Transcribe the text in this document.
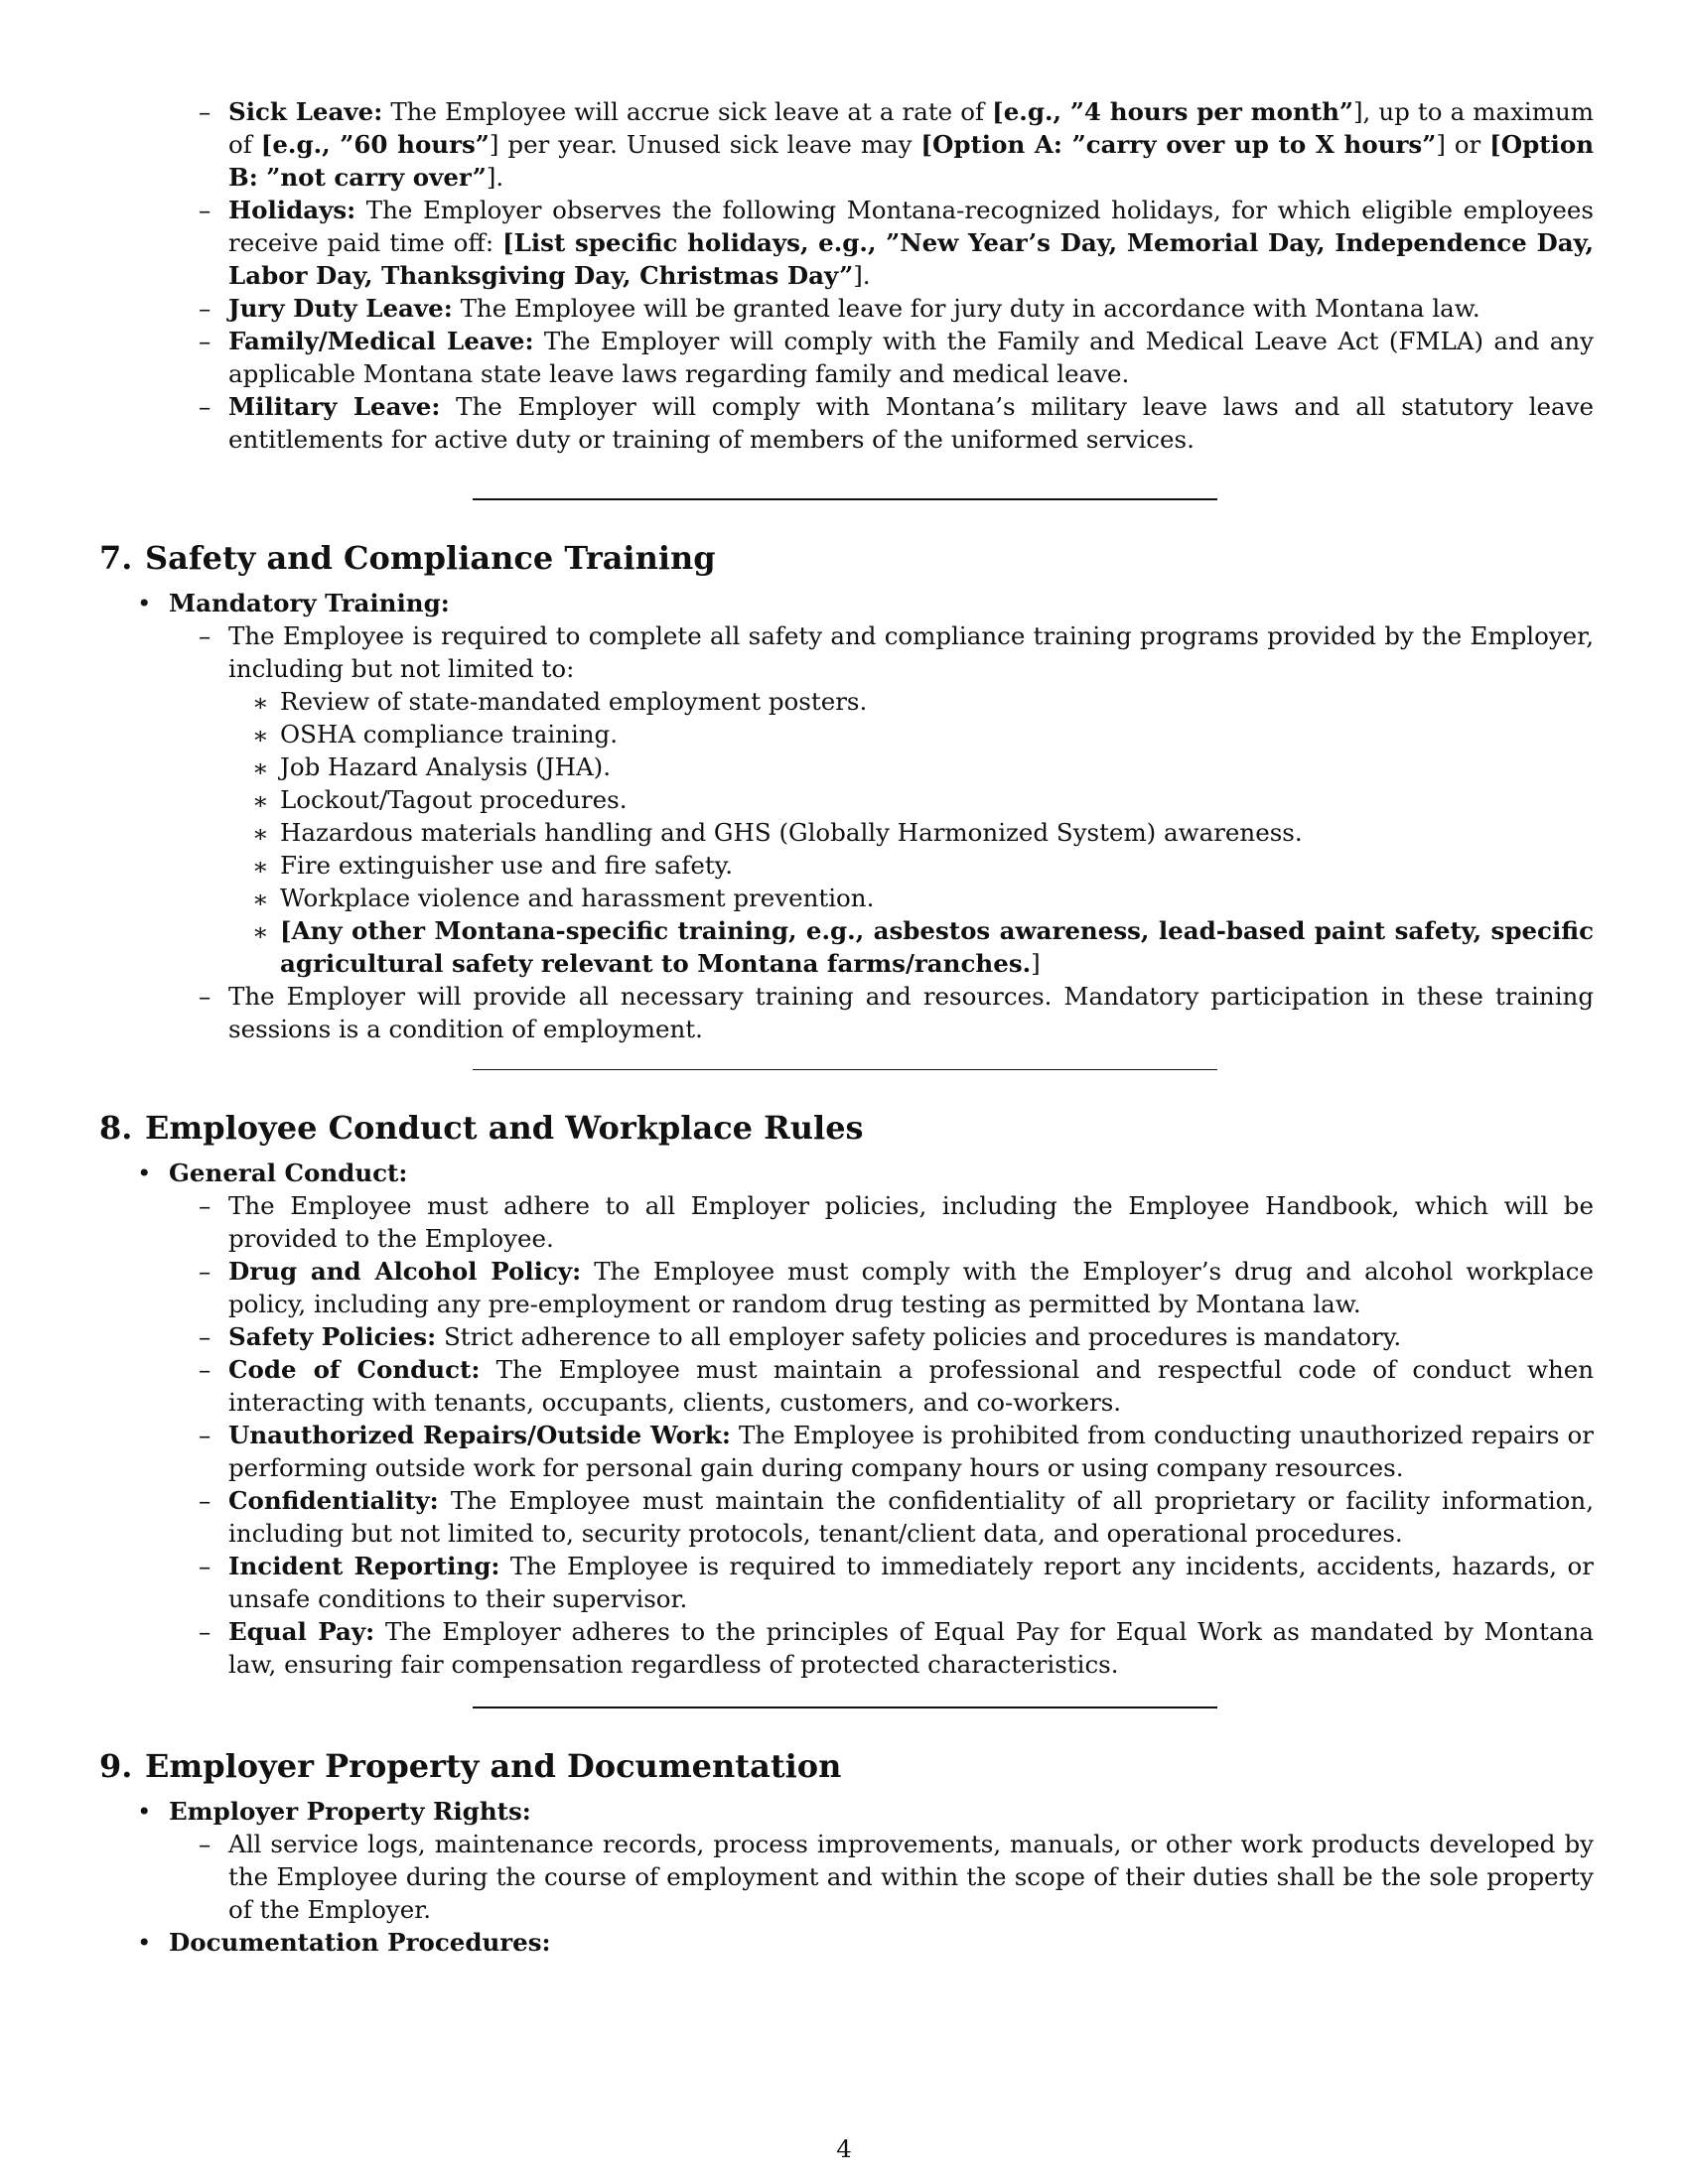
– Sick Leave: The Employee will accrue sick leave at a rate of [e.g., ”4 hours per month”], up to a maximum of [e.g., ”60 hours”] per year. Unused sick leave may [Option A: ”carry over up to X hours”] or [Option B: ”not carry over”].
– Holidays: The Employer observes the following Montana-recognized holidays, for which eligible employees receive paid time off: [List specific holidays, e.g., ”New Year’s Day, Memorial Day, Independence Day, Labor Day, Thanksgiving Day, Christmas Day”].
– Jury Duty Leave: The Employee will be granted leave for jury duty in accordance with Montana law.
– Family/Medical Leave: The Employer will comply with the Family and Medical Leave Act (FMLA) and any applicable Montana state leave laws regarding family and medical leave.
– Military Leave: The Employer will comply with Montana’s military leave laws and all statutory leave entitlements for active duty or training of members of the uniformed services.
7. Safety and Compliance Training
• Mandatory Training:
– The Employee is required to complete all safety and compliance training programs provided by the Employer, including but not limited to:
∗ Review of state-mandated employment posters.
∗ OSHA compliance training.
∗ Job Hazard Analysis (JHA).
∗ Lockout/Tagout procedures.
∗ Hazardous materials handling and GHS (Globally Harmonized System) awareness.
∗ Fire extinguisher use and fire safety.
∗ Workplace violence and harassment prevention.
∗ [Any other Montana-specific training, e.g., asbestos awareness, lead-based paint safety, specific agricultural safety relevant to Montana farms/ranches.]
– The Employer will provide all necessary training and resources. Mandatory participation in these training sessions is a condition of employment.
8. Employee Conduct and Workplace Rules
• General Conduct:
– The Employee must adhere to all Employer policies, including the Employee Handbook, which will be provided to the Employee.
– Drug and Alcohol Policy: The Employee must comply with the Employer’s drug and alcohol workplace policy, including any pre-employment or random drug testing as permitted by Montana law.
– Safety Policies: Strict adherence to all employer safety policies and procedures is mandatory.
– Code of Conduct: The Employee must maintain a professional and respectful code of conduct when interacting with tenants, occupants, clients, customers, and co-workers.
– Unauthorized Repairs/Outside Work: The Employee is prohibited from conducting unauthorized repairs or performing outside work for personal gain during company hours or using company resources.
– Confidentiality: The Employee must maintain the confidentiality of all proprietary or facility information, including but not limited to, security protocols, tenant/client data, and operational procedures.
– Incident Reporting: The Employee is required to immediately report any incidents, accidents, hazards, or unsafe conditions to their supervisor.
– Equal Pay: The Employer adheres to the principles of Equal Pay for Equal Work as mandated by Montana law, ensuring fair compensation regardless of protected characteristics.
9. Employer Property and Documentation
• Employer Property Rights:
– All service logs, maintenance records, process improvements, manuals, or other work products developed by the Employee during the course of employment and within the scope of their duties shall be the sole property of the Employer.
• Documentation Procedures:
4
